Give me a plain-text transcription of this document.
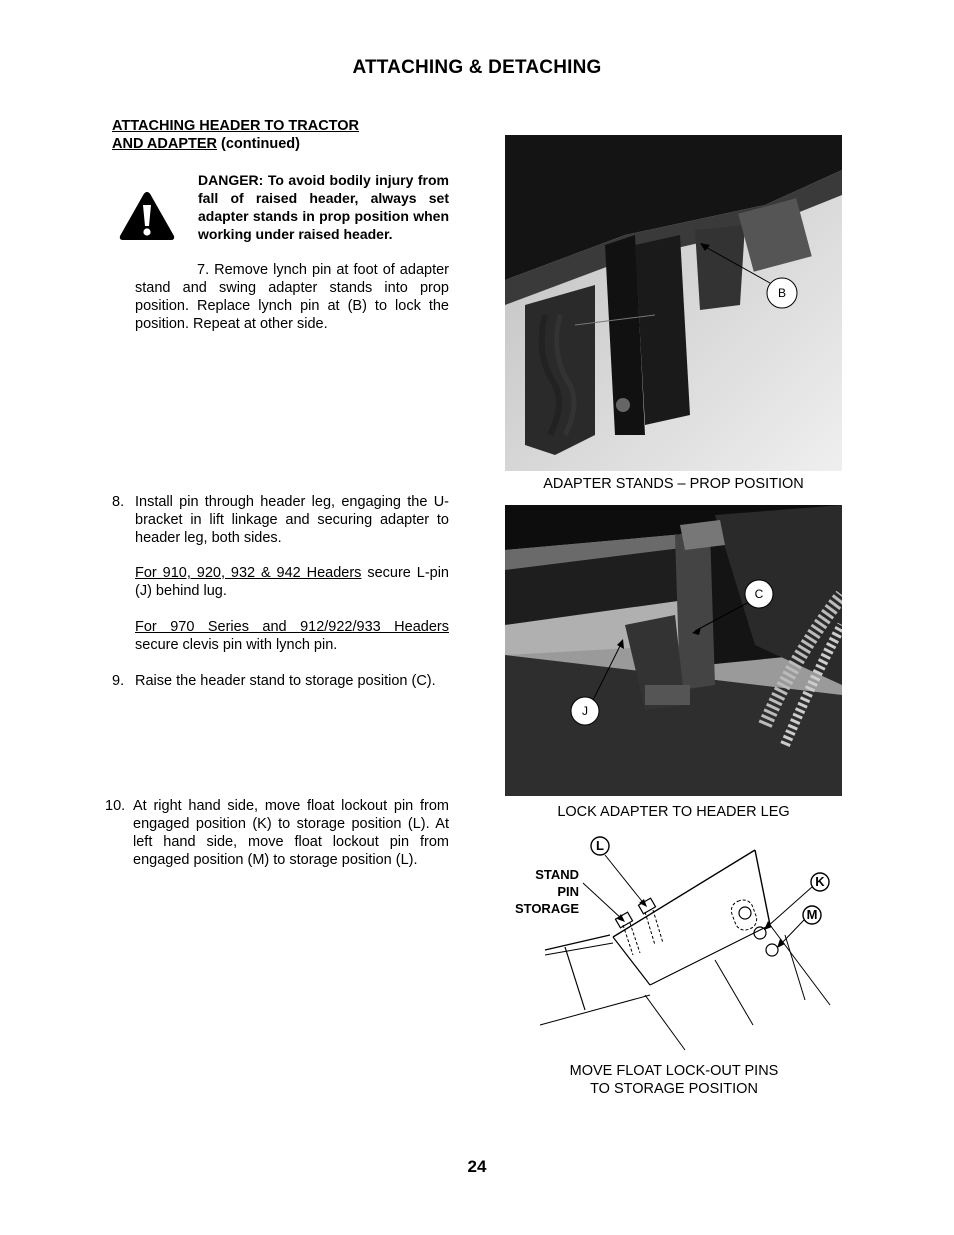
ATTACHING & DETACHING
ATTACHING HEADER TO TRACTOR
AND ADAPTER (continued)
DANGER: To avoid bodily injury from fall of raised header, always set adapter stands in prop position when working under raised header.
7. Remove lynch pin at foot of adapter stand and swing adapter stands into prop position. Replace lynch pin at (B) to lock the position. Repeat at other side.
8. Install pin through header leg, engaging the U-bracket in lift linkage and securing adapter to header leg, both sides.
For 910, 920, 932 & 942 Headers secure L-pin (J) behind lug.
For 970 Series and 912/922/933 Headers secure clevis pin with lynch pin.
9. Raise the header stand to storage position (C).
10. At right hand side, move float lockout pin from engaged position (K) to storage position (L). At left hand side, move float lockout pin from engaged position (M) to storage position (L).
B
ADAPTER STANDS – PROP POSITION
C
J
LOCK ADAPTER TO HEADER LEG
STAND
PIN
STORAGE
L
K
M
MOVE FLOAT LOCK-OUT PINS
TO STORAGE POSITION
24
